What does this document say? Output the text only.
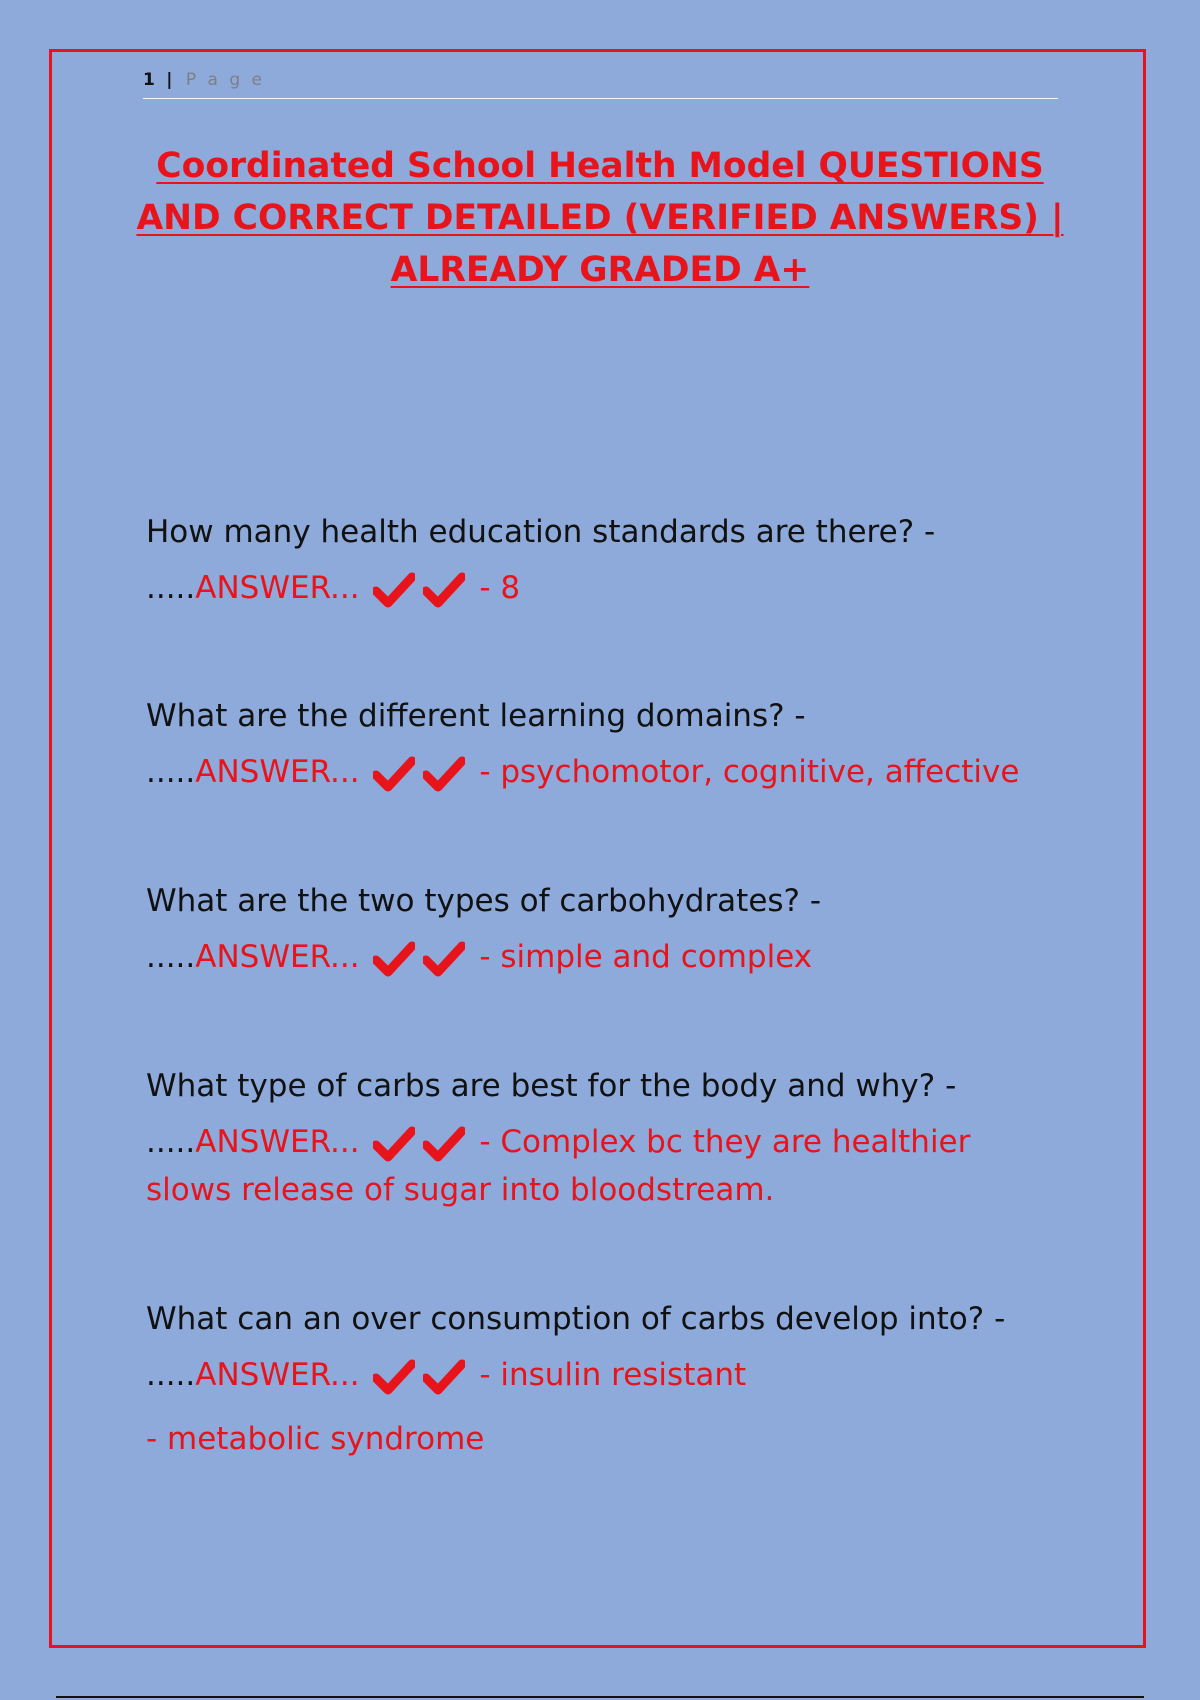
1 | P a g e
Coordinated School Health Model QUESTIONS AND CORRECT DETAILED (VERIFIED ANSWERS) | ALREADY GRADED A+
How many health education standards are there? -
.....ANSWER...	- 8
What are the different learning domains? -
.....ANSWER...	- psychomotor, cognitive, affective
What are the two types of carbohydrates? -
.....ANSWER...	- simple and complex
What type of carbs are best for the body and why? -
.....ANSWER...	- Complex bc they are healthier
slows release of sugar into bloodstream.
What can an over consumption of carbs develop into? -
.....ANSWER...	- insulin resistant
- metabolic syndrome
